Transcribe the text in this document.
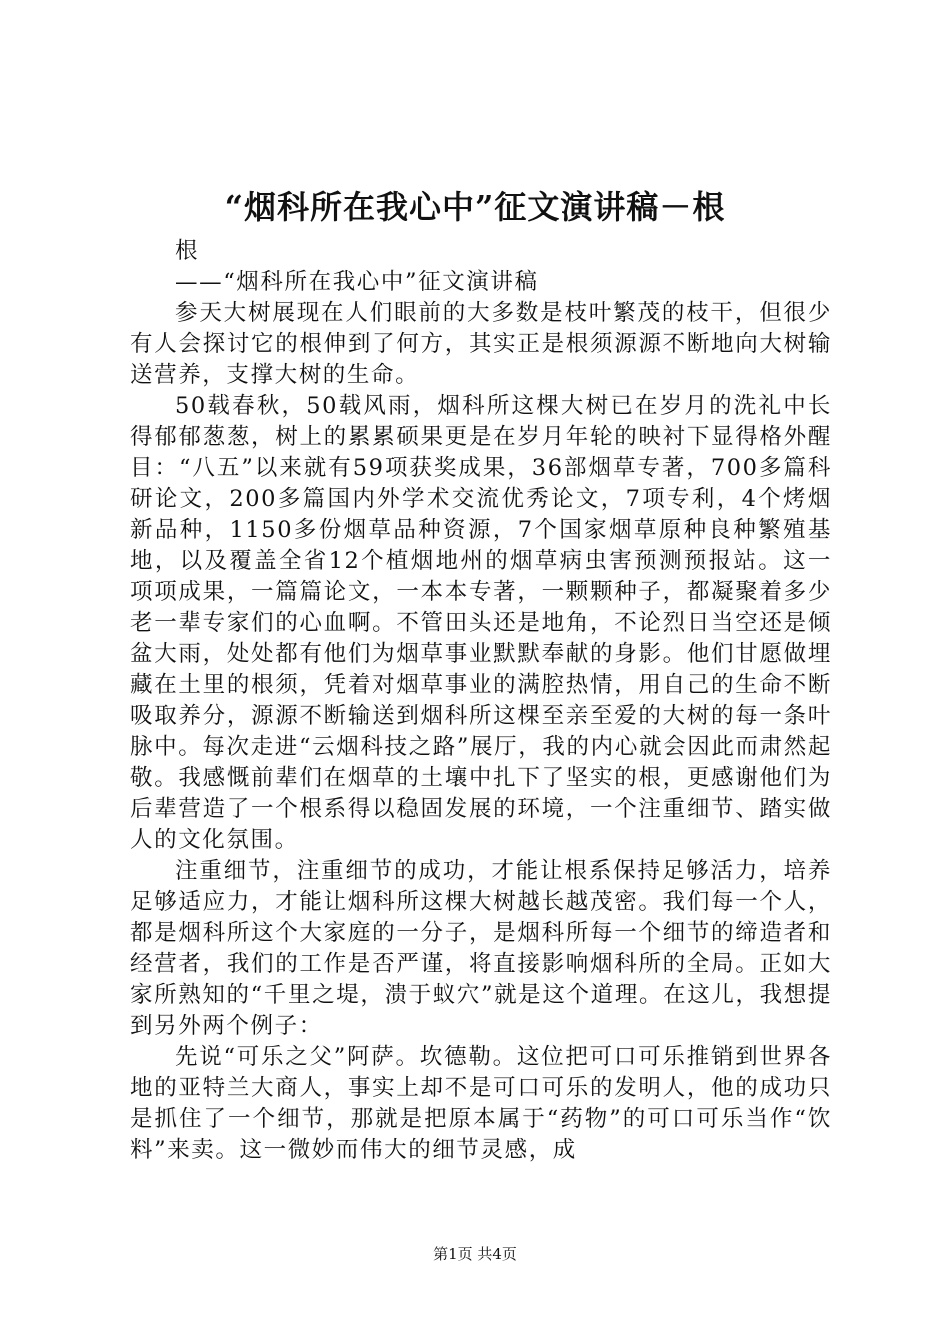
“烟科所在我心中”征文演讲稿－根

根

——“烟科所在我心中”征文演讲稿

参天大树展现在人们眼前的大多数是枝叶繁茂的枝干，但很少有人会探讨它的根伸到了何方，其实正是根须源源不断地向大树输送营养，支撑大树的生命。

50载春秋，50载风雨，烟科所这棵大树已在岁月的洗礼中长得郁郁葱葱，树上的累累硕果更是在岁月年轮的映衬下显得格外醒目：“八五”以来就有59项获奖成果，36部烟草专著，700多篇科研论文，200多篇国内外学术交流优秀论文，7项专利，4个烤烟新品种，1150多份烟草品种资源，7个国家烟草原种良种繁殖基地，以及覆盖全省12个植烟地州的烟草病虫害预测预报站。这一项项成果，一篇篇论文，一本本专著，一颗颗种子，都凝聚着多少老一辈专家们的心血啊。不管田头还是地角，不论烈日当空还是倾盆大雨，处处都有他们为烟草事业默默奉献的身影。他们甘愿做埋藏在土里的根须，凭着对烟草事业的满腔热情，用自己的生命不断吸取养分，源源不断输送到烟科所这棵至亲至爱的大树的每一条叶脉中。每次走进“云烟科技之路”展厅，我的内心就会因此而肃然起敬。我感慨前辈们在烟草的土壤中扎下了坚实的根，更感谢他们为后辈营造了一个根系得以稳固发展的环境，一个注重细节、踏实做人的文化氛围。

注重细节，注重细节的成功，才能让根系保持足够活力，培养足够适应力，才能让烟科所这棵大树越长越茂密。我们每一个人，都是烟科所这个大家庭的一分子，是烟科所每一个细节的缔造者和经营者，我们的工作是否严谨，将直接影响烟科所的全局。正如大家所熟知的“千里之堤，溃于蚁穴”就是这个道理。在这儿，我想提到另外两个例子：

先说“可乐之父”阿萨。坎德勒。这位把可口可乐推销到世界各地的亚特兰大商人，事实上却不是可口可乐的发明人，他的成功只是抓住了一个细节，那就是把原本属于“药物”的可口可乐当作“饮料”来卖。这一微妙而伟大的细节灵感，成

第1页 共4页
